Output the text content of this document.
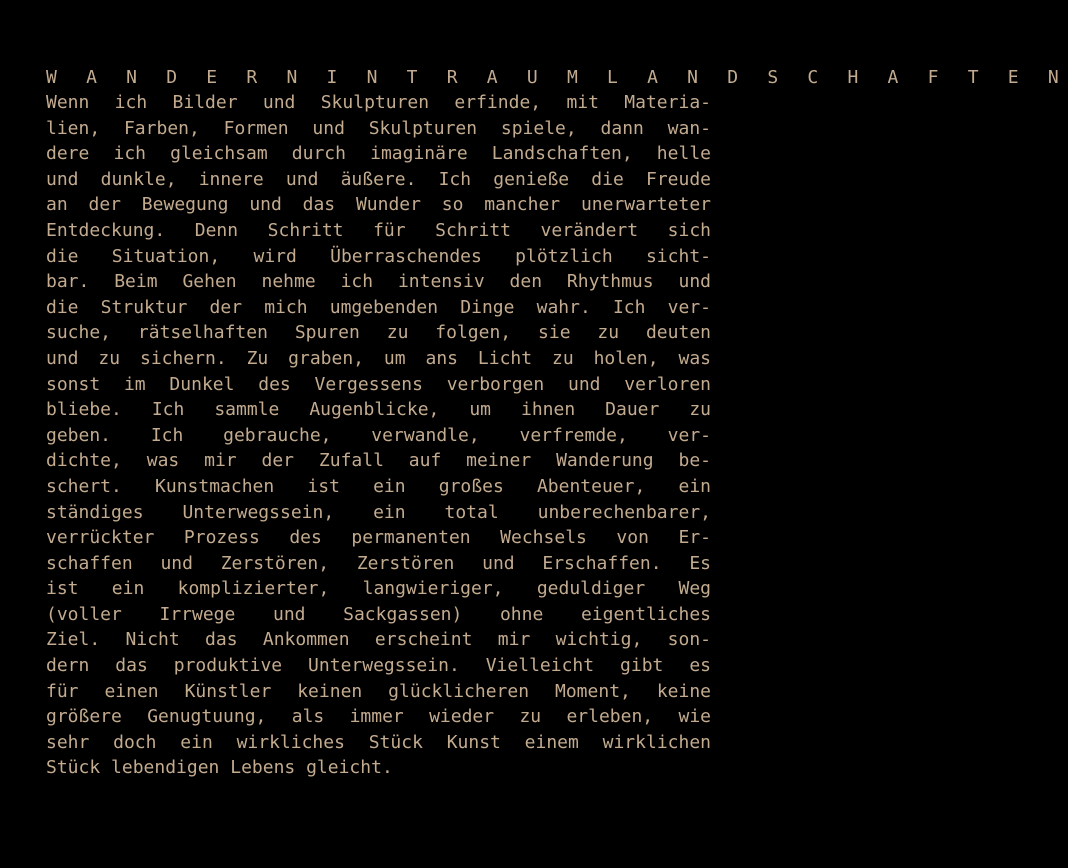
W A N D E R N I N T R A U M L A N D S C H A F T E N
Wenn ich Bilder und Skulpturen erfinde, mit Materia-
lien, Farben, Formen und Skulpturen spiele, dann wan-
dere ich gleichsam durch imaginäre Landschaften, helle
und dunkle, innere und äußere. Ich genieße die Freude
an der Bewegung und das Wunder so mancher unerwarteter
Entdeckung. Denn Schritt für Schritt verändert sich
die Situation, wird Überraschendes plötzlich sicht-
bar. Beim Gehen nehme ich intensiv den Rhythmus und
die Struktur der mich umgebenden Dinge wahr. Ich ver-
suche, rätselhaften Spuren zu folgen, sie zu deuten
und zu sichern. Zu graben, um ans Licht zu holen, was
sonst im Dunkel des Vergessens verborgen und verloren
bliebe. Ich sammle Augenblicke, um ihnen Dauer zu
geben. Ich gebrauche, verwandle, verfremde, ver-
dichte, was mir der Zufall auf meiner Wanderung be-
schert. Kunstmachen ist ein großes Abenteuer, ein
ständiges Unterwegssein, ein total unberechenbarer,
verrückter Prozess des permanenten Wechsels von Er-
schaffen und Zerstören, Zerstören und Erschaffen. Es
ist ein komplizierter, langwieriger, geduldiger Weg
(voller Irrwege und Sackgassen) ohne eigentliches
Ziel. Nicht das Ankommen erscheint mir wichtig, son-
dern das produktive Unterwegssein. Vielleicht gibt es
für einen Künstler keinen glücklicheren Moment, keine
größere Genugtuung, als immer wieder zu erleben, wie
sehr doch ein wirkliches Stück Kunst einem wirklichen
Stück lebendigen Lebens gleicht.
